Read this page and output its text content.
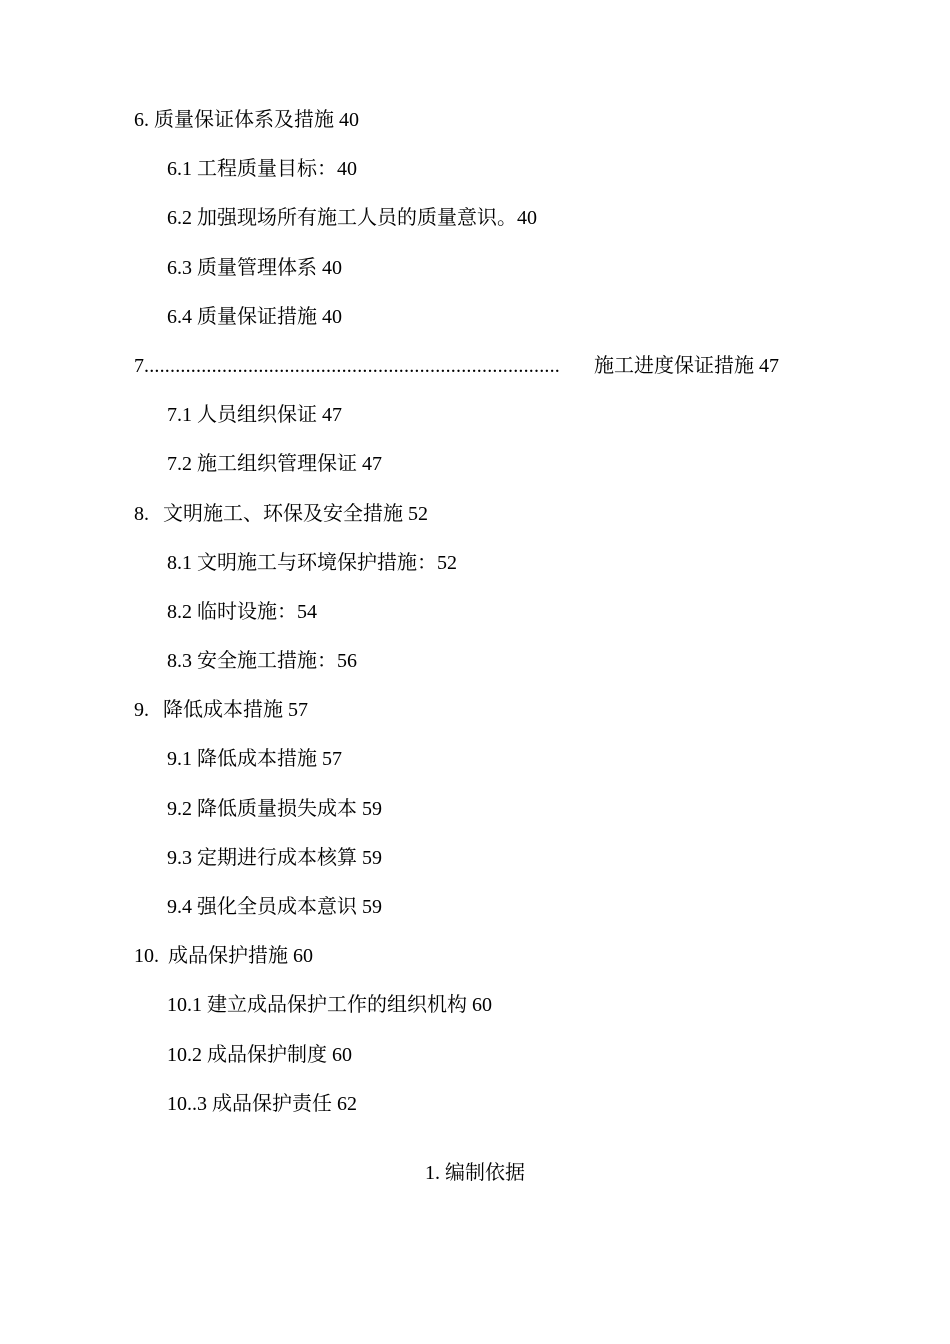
6. 质量保证体系及措施 40
6.1 工程质量目标：40
6.2 加强现场所有施工人员的质量意识。40
6.3 质量管理体系 40
6.4 质量保证措施 40
7 ................................................................................	施工进度保证措施 47
7.1 人员组织保证 47
7.2 施工组织管理保证 47
8. 文明施工、环保及安全措施 52
8.1 文明施工与环境保护措施：52
8.2 临时设施：54
8.3 安全施工措施：56
9. 降低成本措施 57
9.1 降低成本措施 57
9.2 降低质量损失成本 59
9.3 定期进行成本核算 59
9.4 强化全员成本意识 59
10. 成品保护措施 60
10.1 建立成品保护工作的组织机构 60
10.2 成品保护制度 60
10..3 成品保护责任 62
1. 编制依据
